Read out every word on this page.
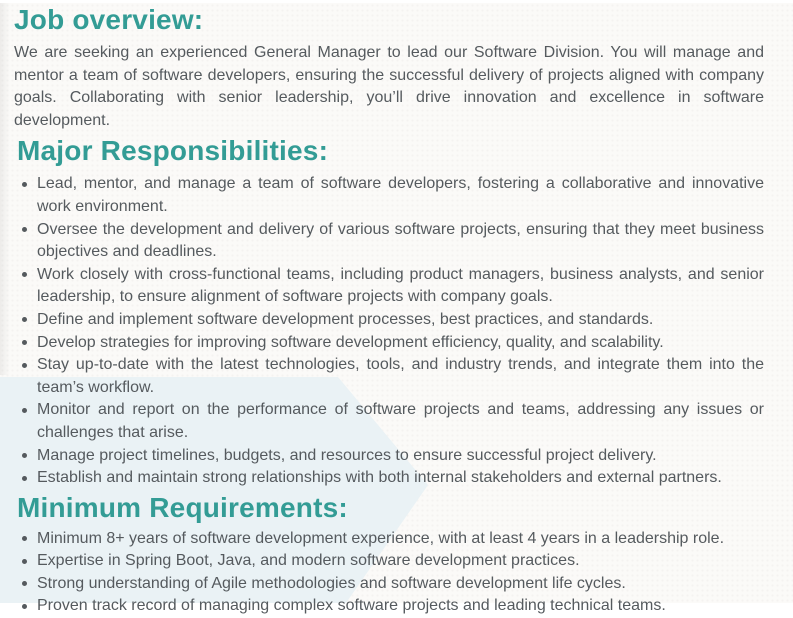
Job overview:

We are seeking an experienced General Manager to lead our Software Division. You will manage and mentor a team of software developers, ensuring the successful delivery of projects aligned with company goals. Collaborating with senior leadership, you’ll drive innovation and excellence in software development.

Major Responsibilities:
Lead, mentor, and manage a team of software developers, fostering a collaborative and innovative work environment.
Oversee the development and delivery of various software projects, ensuring that they meet business objectives and deadlines.
Work closely with cross-functional teams, including product managers, business analysts, and senior leadership, to ensure alignment of software projects with company goals.
Define and implement software development processes, best practices, and standards.
Develop strategies for improving software development efficiency, quality, and scalability.
Stay up-to-date with the latest technologies, tools, and industry trends, and integrate them into the team’s workflow.
Monitor and report on the performance of software projects and teams, addressing any issues or challenges that arise.
Manage project timelines, budgets, and resources to ensure successful project delivery.
Establish and maintain strong relationships with both internal stakeholders and external partners.
Minimum Requirements:
Minimum 8+ years of software development experience, with at least 4 years in a leadership role.
Expertise in Spring Boot, Java, and modern software development practices.
Strong understanding of Agile methodologies and software development life cycles.
Proven track record of managing complex software projects and leading technical teams.
